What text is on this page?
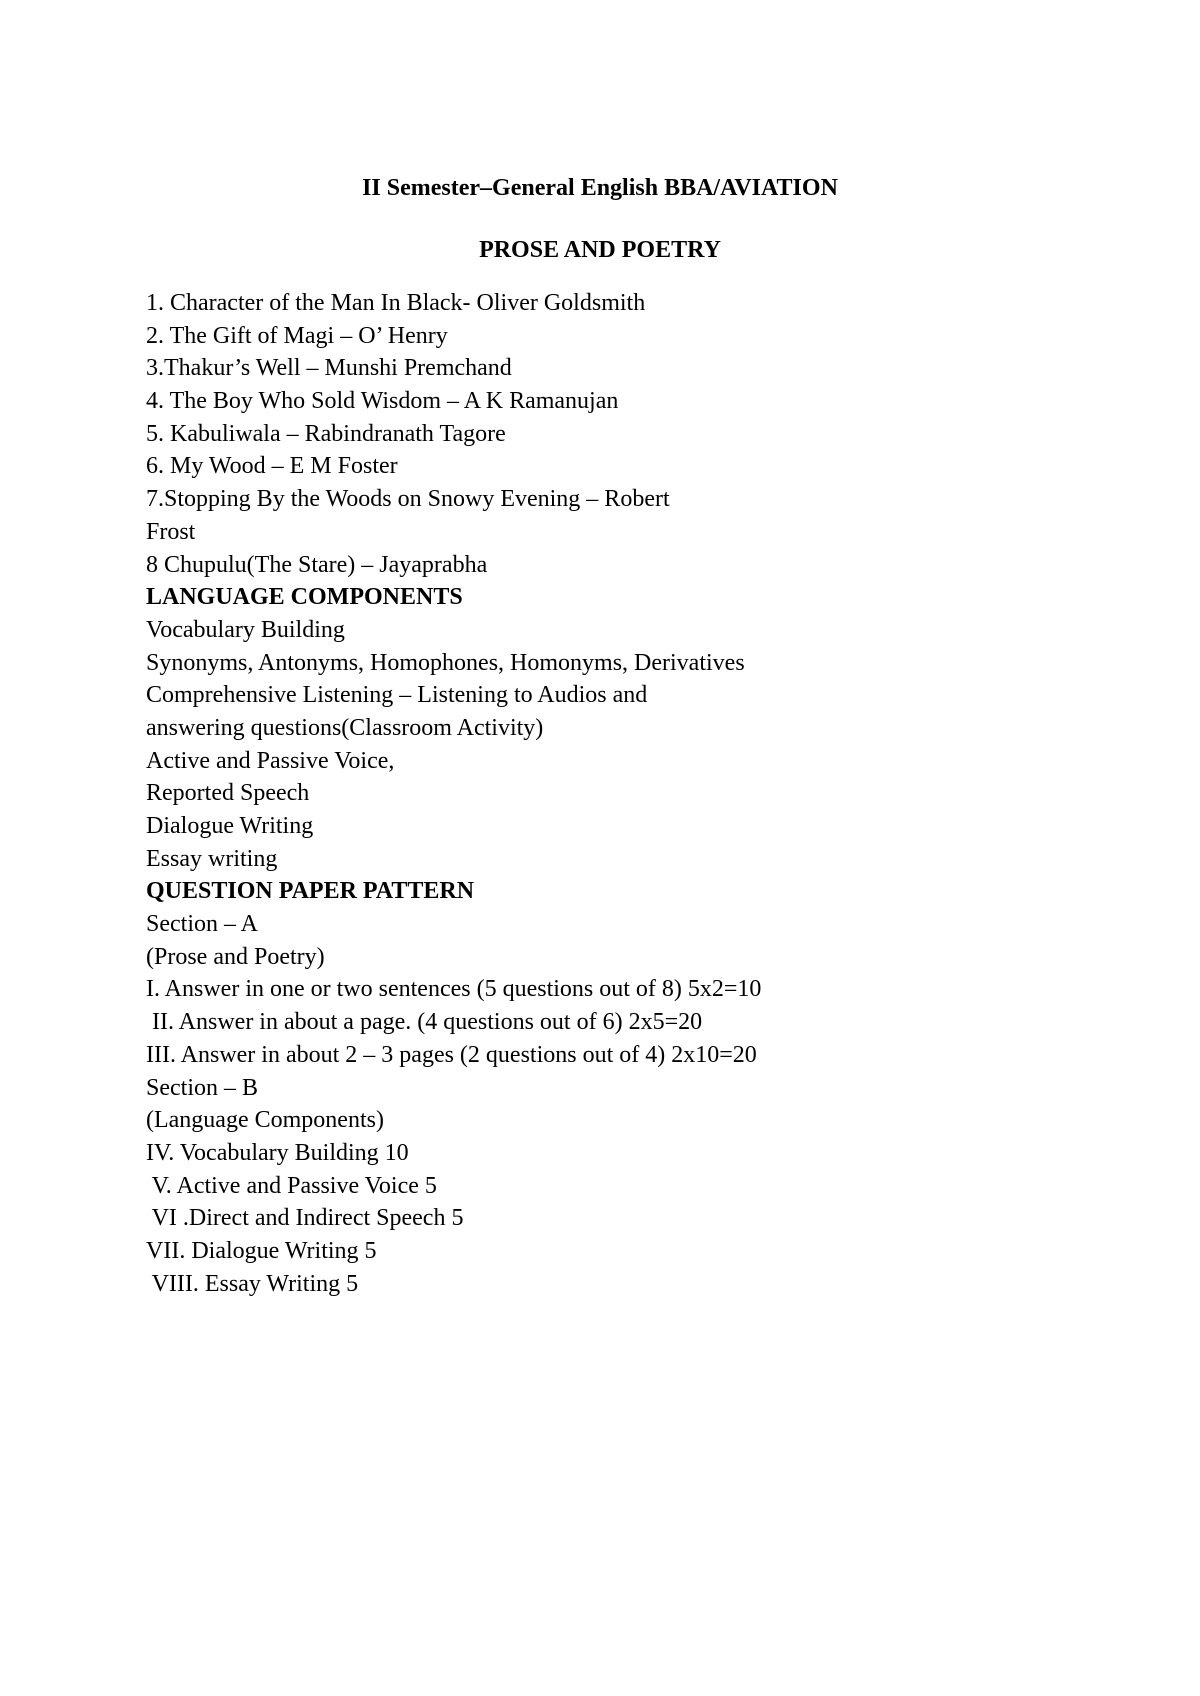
II Semester–General English BBA/AVIATION
PROSE AND POETRY
1. Character of the Man In Black- Oliver Goldsmith
2. The Gift of Magi – O’ Henry
3.Thakur’s Well – Munshi Premchand
4. The Boy Who Sold Wisdom – A K Ramanujan
5. Kabuliwala – Rabindranath Tagore
6. My Wood – E M Foster
7.Stopping By the Woods on Snowy Evening – Robert
Frost
8 Chupulu(The Stare) – Jayaprabha
LANGUAGE COMPONENTS
Vocabulary Building
Synonyms, Antonyms, Homophones, Homonyms, Derivatives
Comprehensive Listening – Listening to Audios and
answering questions(Classroom Activity)
Active and Passive Voice,
Reported Speech
Dialogue Writing
Essay writing
QUESTION PAPER PATTERN
Section – A
(Prose and Poetry)
I. Answer in one or two sentences (5 questions out of 8) 5x2=10
II. Answer in about a page. (4 questions out of 6) 2x5=20
III. Answer in about 2 – 3 pages (2 questions out of 4) 2x10=20
Section – B
(Language Components)
IV. Vocabulary Building 10
V. Active and Passive Voice 5
VI .Direct and Indirect Speech 5
VII. Dialogue Writing 5
VIII. Essay Writing 5
